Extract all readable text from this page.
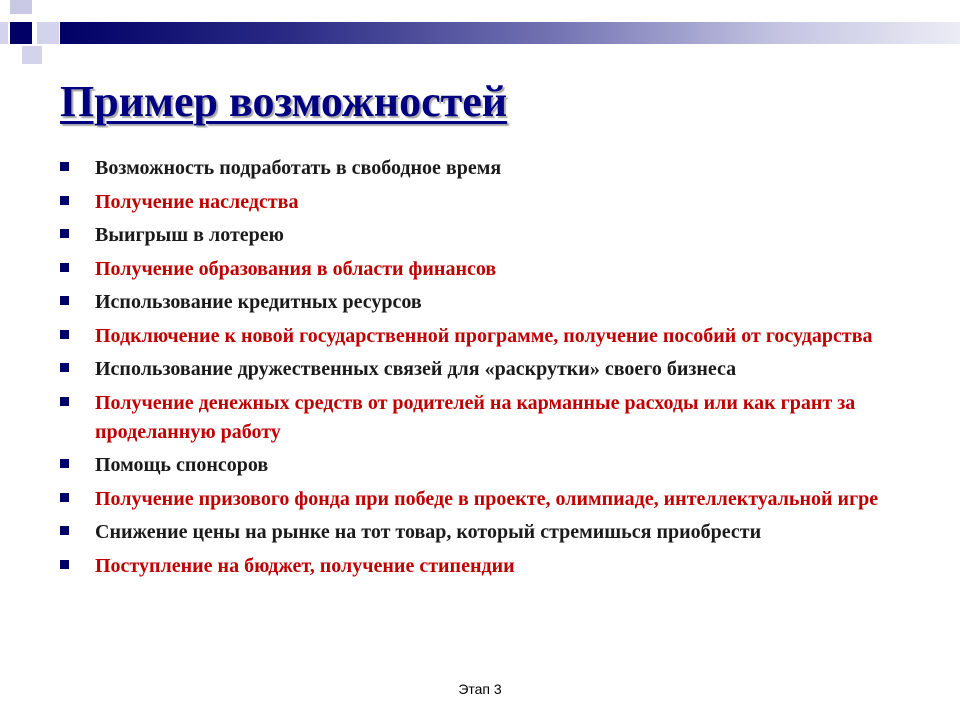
Пример возможностей
Возможность подработать в свободное время
Получение наследства
Выигрыш в лотерею
Получение образования в области финансов
Использование кредитных ресурсов
Подключение к новой государственной программе, получение пособий от государства
Использование дружественных связей для «раскрутки» своего бизнеса
Получение денежных средств от родителей на карманные расходы или как грант за проделанную работу
Помощь спонсоров
Получение призового фонда при победе в проекте, олимпиаде, интеллектуальной игре
Снижение цены на рынке на тот товар, который стремишься приобрести
Поступление на бюджет, получение стипендии
Этап 3
